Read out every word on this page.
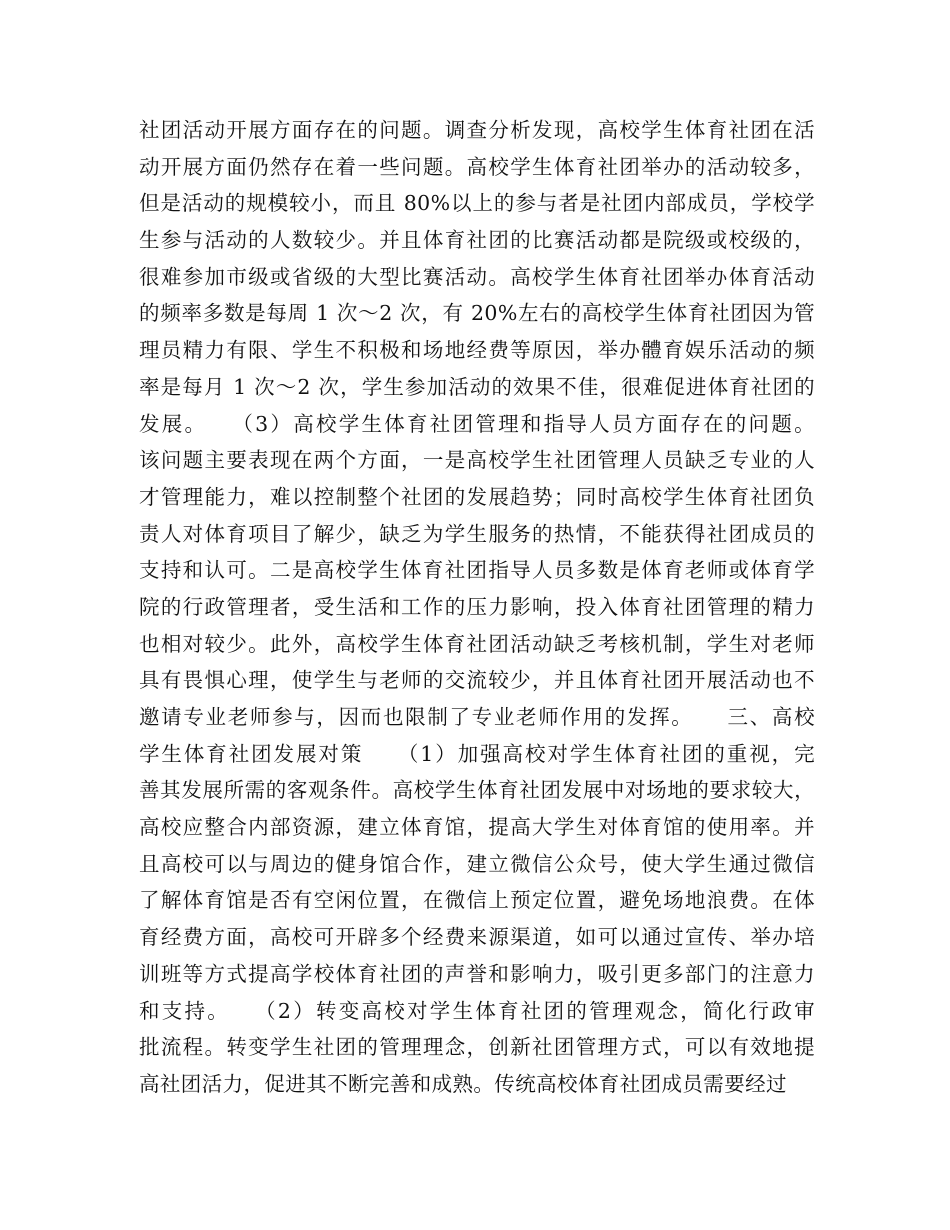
社团活动开展方面存在的问题。调查分析发现，高校学生体育社团在活
动开展方面仍然存在着一些问题。高校学生体育社团举办的活动较多，
但是活动的规模较小，而且 80%以上的参与者是社团内部成员，学校学
生参与活动的人数较少。并且体育社团的比赛活动都是院级或校级的，
很难参加市级或省级的大型比赛活动。高校学生体育社团举办体育活动
的频率多数是每周 1 次～2 次，有 20%左右的高校学生体育社团因为管
理员精力有限、学生不积极和场地经费等原因，举办體育娱乐活动的频
率是每月 1 次～2 次，学生参加活动的效果不佳，很难促进体育社团的
发展。　　（3）高校学生体育社团管理和指导人员方面存在的问题。
该问题主要表现在两个方面，一是高校学生社团管理人员缺乏专业的人
才管理能力，难以控制整个社团的发展趋势；同时高校学生体育社团负
责人对体育项目了解少，缺乏为学生服务的热情，不能获得社团成员的
支持和认可。二是高校学生体育社团指导人员多数是体育老师或体育学
院的行政管理者，受生活和工作的压力影响，投入体育社团管理的精力
也相对较少。此外，高校学生体育社团活动缺乏考核机制，学生对老师
具有畏惧心理，使学生与老师的交流较少，并且体育社团开展活动也不
邀请专业老师参与，因而也限制了专业老师作用的发挥。　　三、高校
学生体育社团发展对策　　（1）加强高校对学生体育社团的重视，完
善其发展所需的客观条件。高校学生体育社团发展中对场地的要求较大，
高校应整合内部资源，建立体育馆，提高大学生对体育馆的使用率。并
且高校可以与周边的健身馆合作，建立微信公众号，使大学生通过微信
了解体育馆是否有空闲位置，在微信上预定位置，避免场地浪费。在体
育经费方面，高校可开辟多个经费来源渠道，如可以通过宣传、举办培
训班等方式提高学校体育社团的声誉和影响力，吸引更多部门的注意力
和支持。　　（2）转变高校对学生体育社团的管理观念，简化行政审
批流程。转变学生社团的管理理念，创新社团管理方式，可以有效地提
高社团活力，促进其不断完善和成熟。传统高校体育社团成员需要经过
